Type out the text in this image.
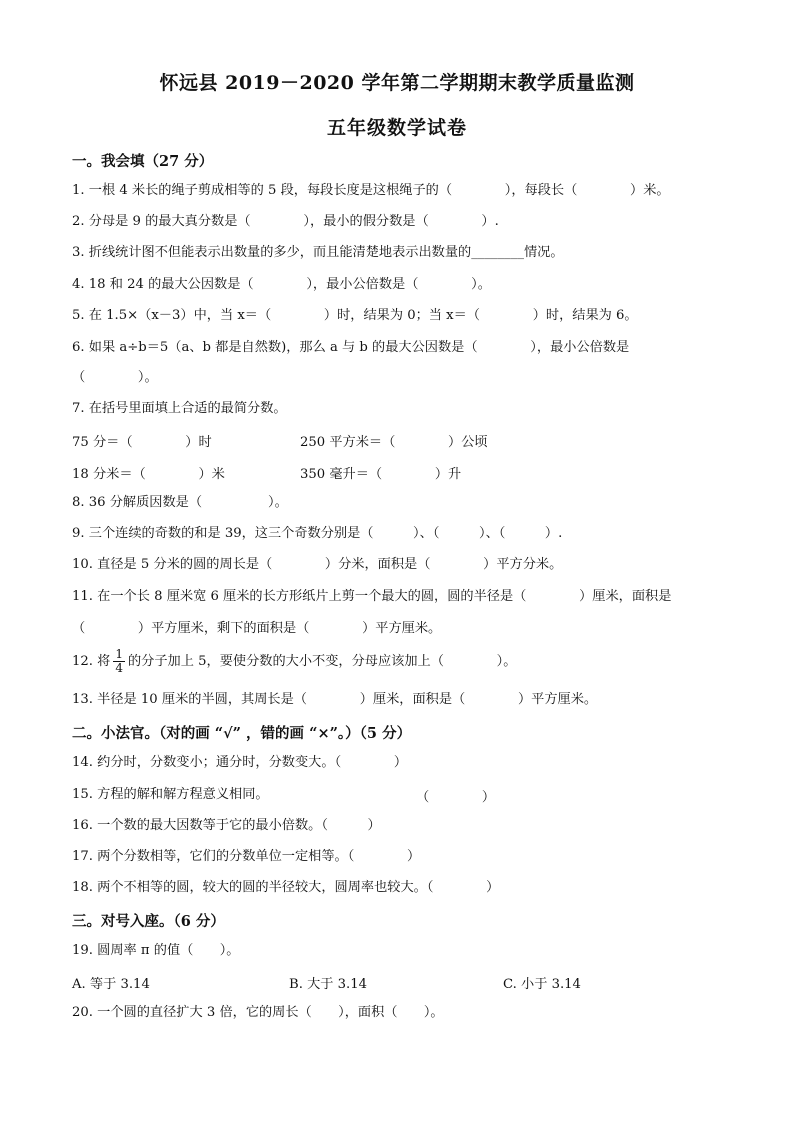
怀远县 2019－2020 学年第二学期期末教学质量监测
五年级数学试卷
一。我会填（27 分）
1. 一根 4 米长的绳子剪成相等的 5 段，每段长度是这根绳子的（　　　　），每段长（　　　　）米。
2. 分母是 9 的最大真分数是（　　　　），最小的假分数是（　　　　）.
3. 折线统计图不但能表示出数量的多少，而且能清楚地表示出数量的________情况。
4. 18 和 24 的最大公因数是（　　　　），最小公倍数是（　　　　）。
5. 在 1.5×（x－3）中，当 x＝（　　　　）时，结果为 0；当 x＝（　　　　）时，结果为 6。
6. 如果 a÷b＝5（a、b 都是自然数)，那么 a 与 b 的最大公因数是（　　　　），最小公倍数是
（　　　　）。
7. 在括号里面填上合适的最简分数。
75 分＝（　　　　）时	250 平方米＝（　　　　）公顷
18 分米＝（　　　　）米	350 毫升＝（　　　　）升
8. 36 分解质因数是（　　　　　）。
9. 三个连续的奇数的和是 39，这三个奇数分别是（　　　）、（　　　）、（　　　）.
10. 直径是 5 分米的圆的周长是（　　　　）分米，面积是（　　　　）平方分米。
11. 在一个长 8 厘米宽 6 厘米的长方形纸片上剪一个最大的圆，圆的半径是（　　　　）厘米，面积是
（　　　　）平方厘米，剩下的面积是（　　　　）平方厘米。
12. 将 $\frac{1}{4}$ 的分子加上 5，要使分数的大小不变，分母应该加上（　　　　）。
13. 半径是 10 厘米的半圆，其周长是（　　　　）厘米，面积是（　　　　）平方厘米。
二。小法官。（对的画 “√” ，错的画 “×”。）（5 分）
14. 约分时，分数变小；通分时，分数变大。（　　　　）
15. 方程的解和解方程意义相同。	（　　　　）
16. 一个数的最大因数等于它的最小倍数。（　　　）
17. 两个分数相等，它们的分数单位一定相等。（　　　　）
18. 两个不相等的圆，较大的圆的半径较大，圆周率也较大。（　　　　）
三。对号入座。（6 分）
19. 圆周率 π 的值（　　）。
A. 等于 3.14	B. 大于 3.14	C. 小于 3.14
20. 一个圆的直径扩大 3 倍，它的周长（　　），面积（　　）。
